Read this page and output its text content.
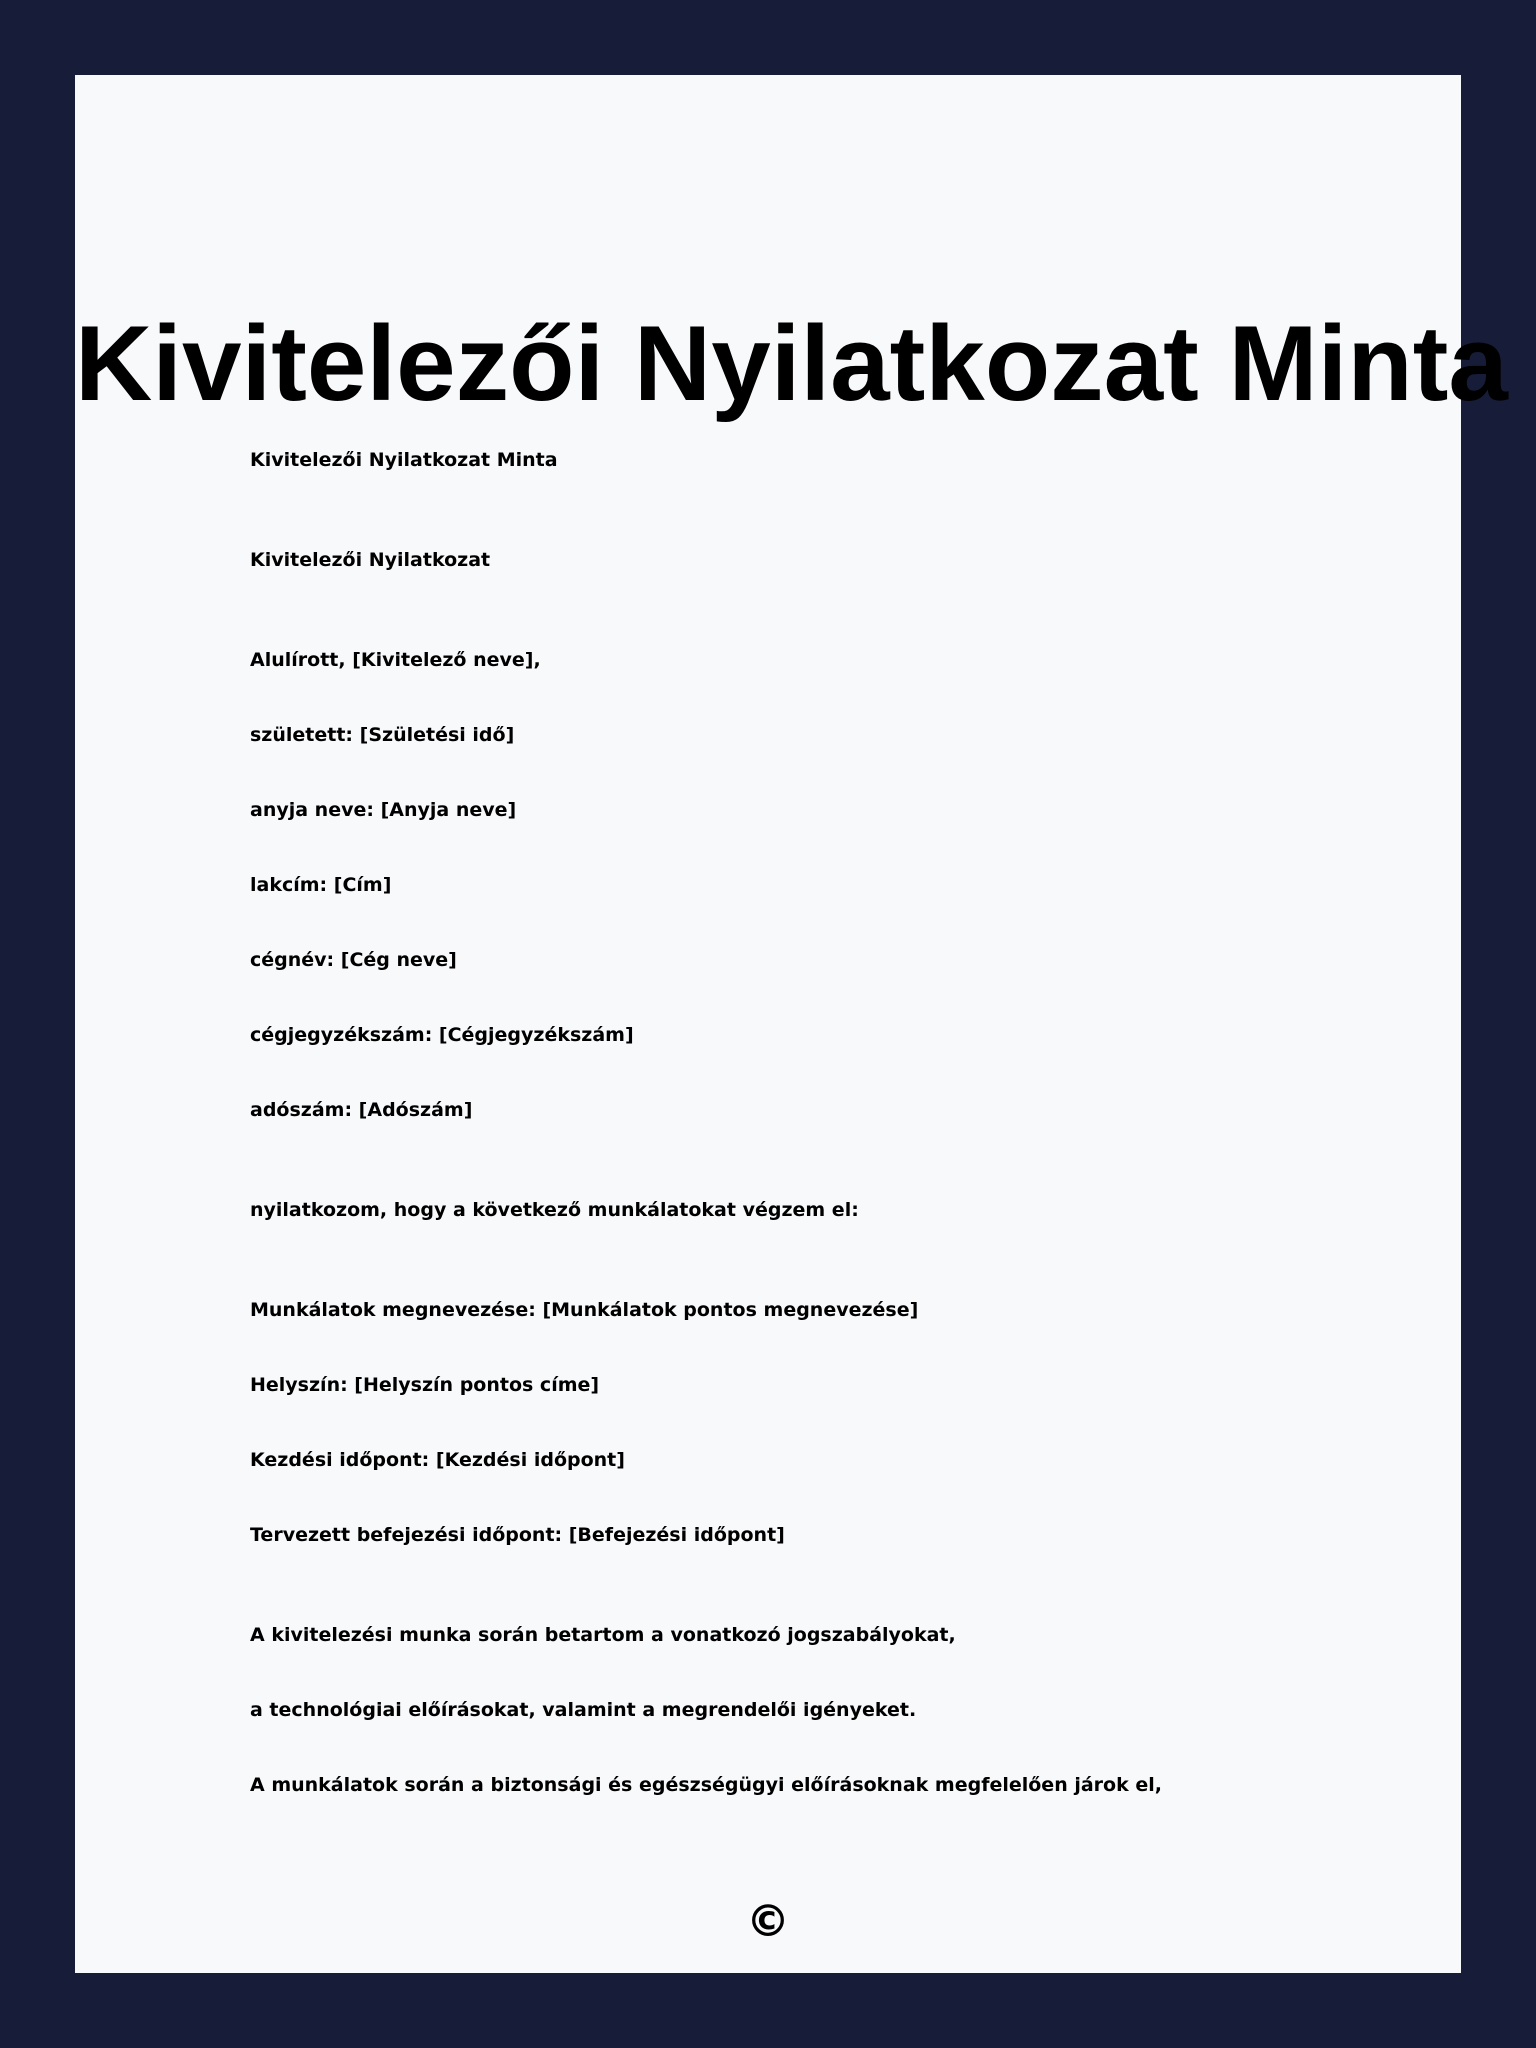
Kivitelezői Nyilatkozat Minta

Kivitelezői Nyilatkozat Minta

Kivitelezői Nyilatkozat

Alulírott, [Kivitelező neve],

született: [Születési idő]

anyja neve: [Anyja neve]

lakcím: [Cím]

cégnév: [Cég neve]

cégjegyzékszám: [Cégjegyzékszám]

adószám: [Adószám]

nyilatkozom, hogy a következő munkálatokat végzem el:

Munkálatok megnevezése: [Munkálatok pontos megnevezése]

Helyszín: [Helyszín pontos címe]

Kezdési időpont: [Kezdési időpont]

Tervezett befejezési időpont: [Befejezési időpont]

A kivitelezési munka során betartom a vonatkozó jogszabályokat,

a technológiai előírásokat, valamint a megrendelői igényeket.

A munkálatok során a biztonsági és egészségügyi előírásoknak megfelelően járok el,

©
